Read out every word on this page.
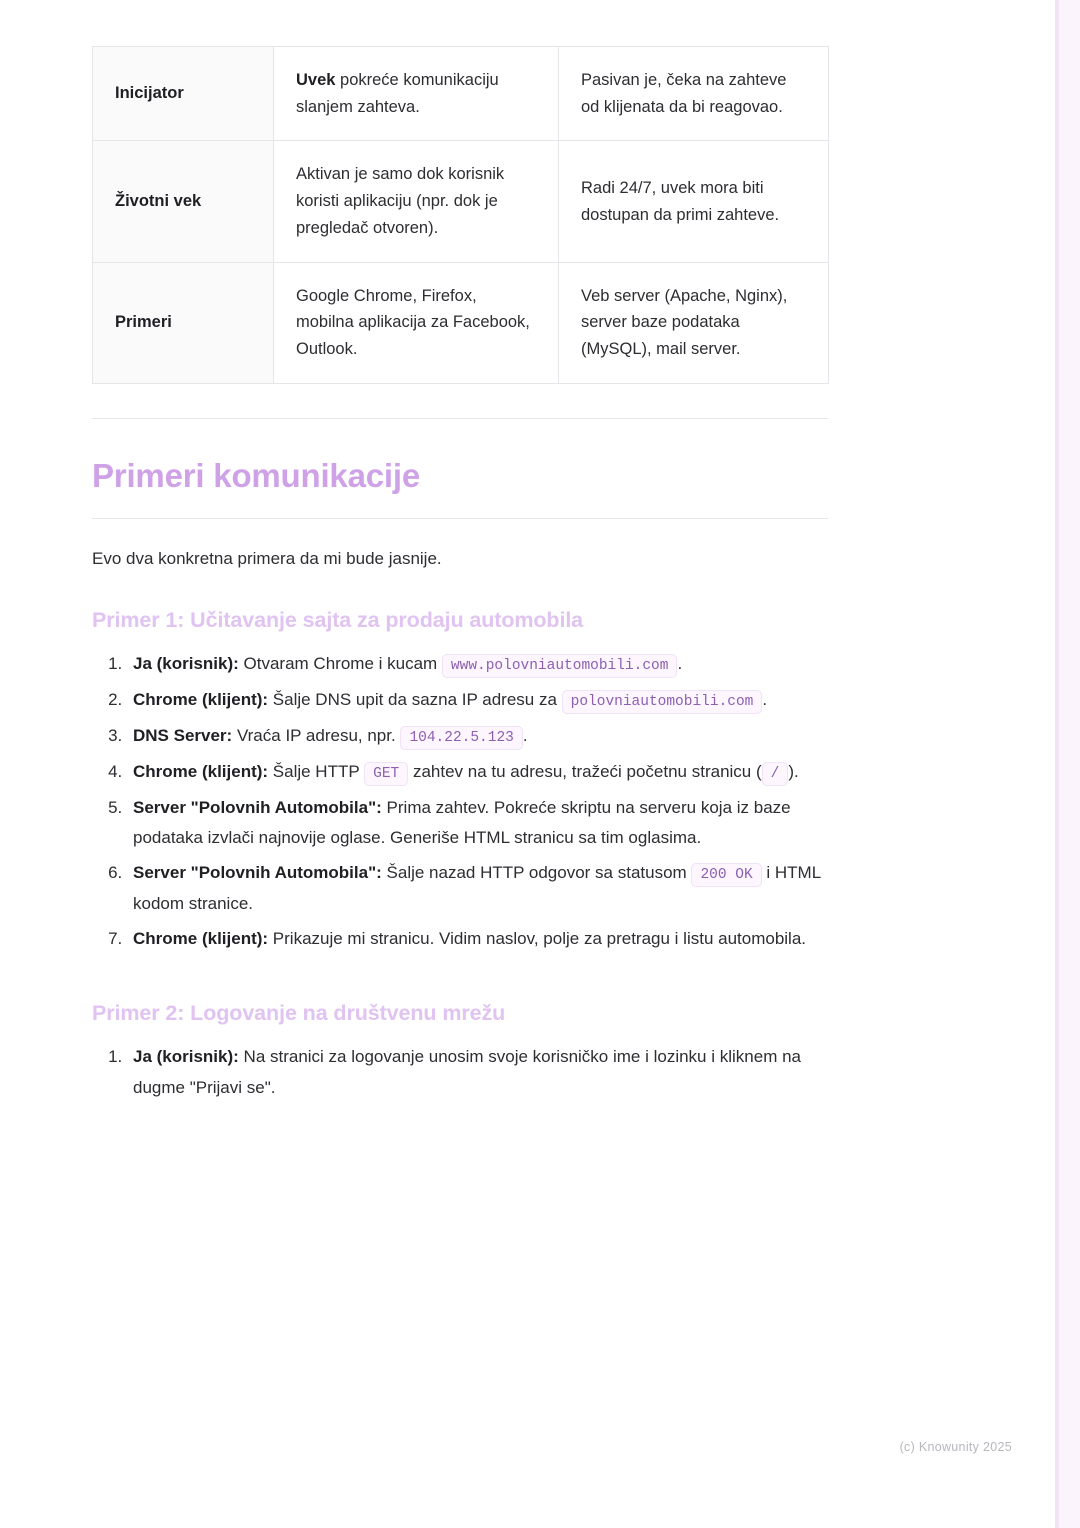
Inicijator	Uvek pokreće komunikaciju slanjem zahteva.	Pasivan je, čeka na zahteve od klijenata da bi reagovao.
Životni vek	Aktivan je samo dok korisnik koristi aplikaciju (npr. dok je pregledač otvoren).	Radi 24/7, uvek mora biti dostupan da primi zahteve.
Primeri	Google Chrome, Firefox, mobilna aplikacija za Facebook, Outlook.	Veb server (Apache, Nginx), server baze podataka (MySQL), mail server.
Primeri komunikacije

Evo dva konkretna primera da mi bude jasnije.

Primer 1: Učitavanje sajta za prodaju automobila
1. Ja (korisnik): Otvaram Chrome i kucam www.polovniautomobili.com .
2. Chrome (klijent): Šalje DNS upit da sazna IP adresu za polovniautomobili.com .
3. DNS Server: Vraća IP adresu, npr. 104.22.5.123 .
4. Chrome (klijent): Šalje HTTP GET zahtev na tu adresu, tražeći početnu stranicu ( / ).
5. Server "Polovnih Automobila": Prima zahtev. Pokreće skriptu na serveru koja iz baze podataka izvlači najnovije oglase. Generiše HTML stranicu sa tim oglasima.
6. Server "Polovnih Automobila": Šalje nazad HTTP odgovor sa statusom 200 OK i HTML kodom stranice.
7. Chrome (klijent): Prikazuje mi stranicu. Vidim naslov, polje za pretragu i listu automobila.
Primer 2: Logovanje na društvenu mrežu
1. Ja (korisnik): Na stranici za logovanje unosim svoje korisničko ime i lozinku i kliknem na dugme "Prijavi se".
(c) Knowunity 2025
